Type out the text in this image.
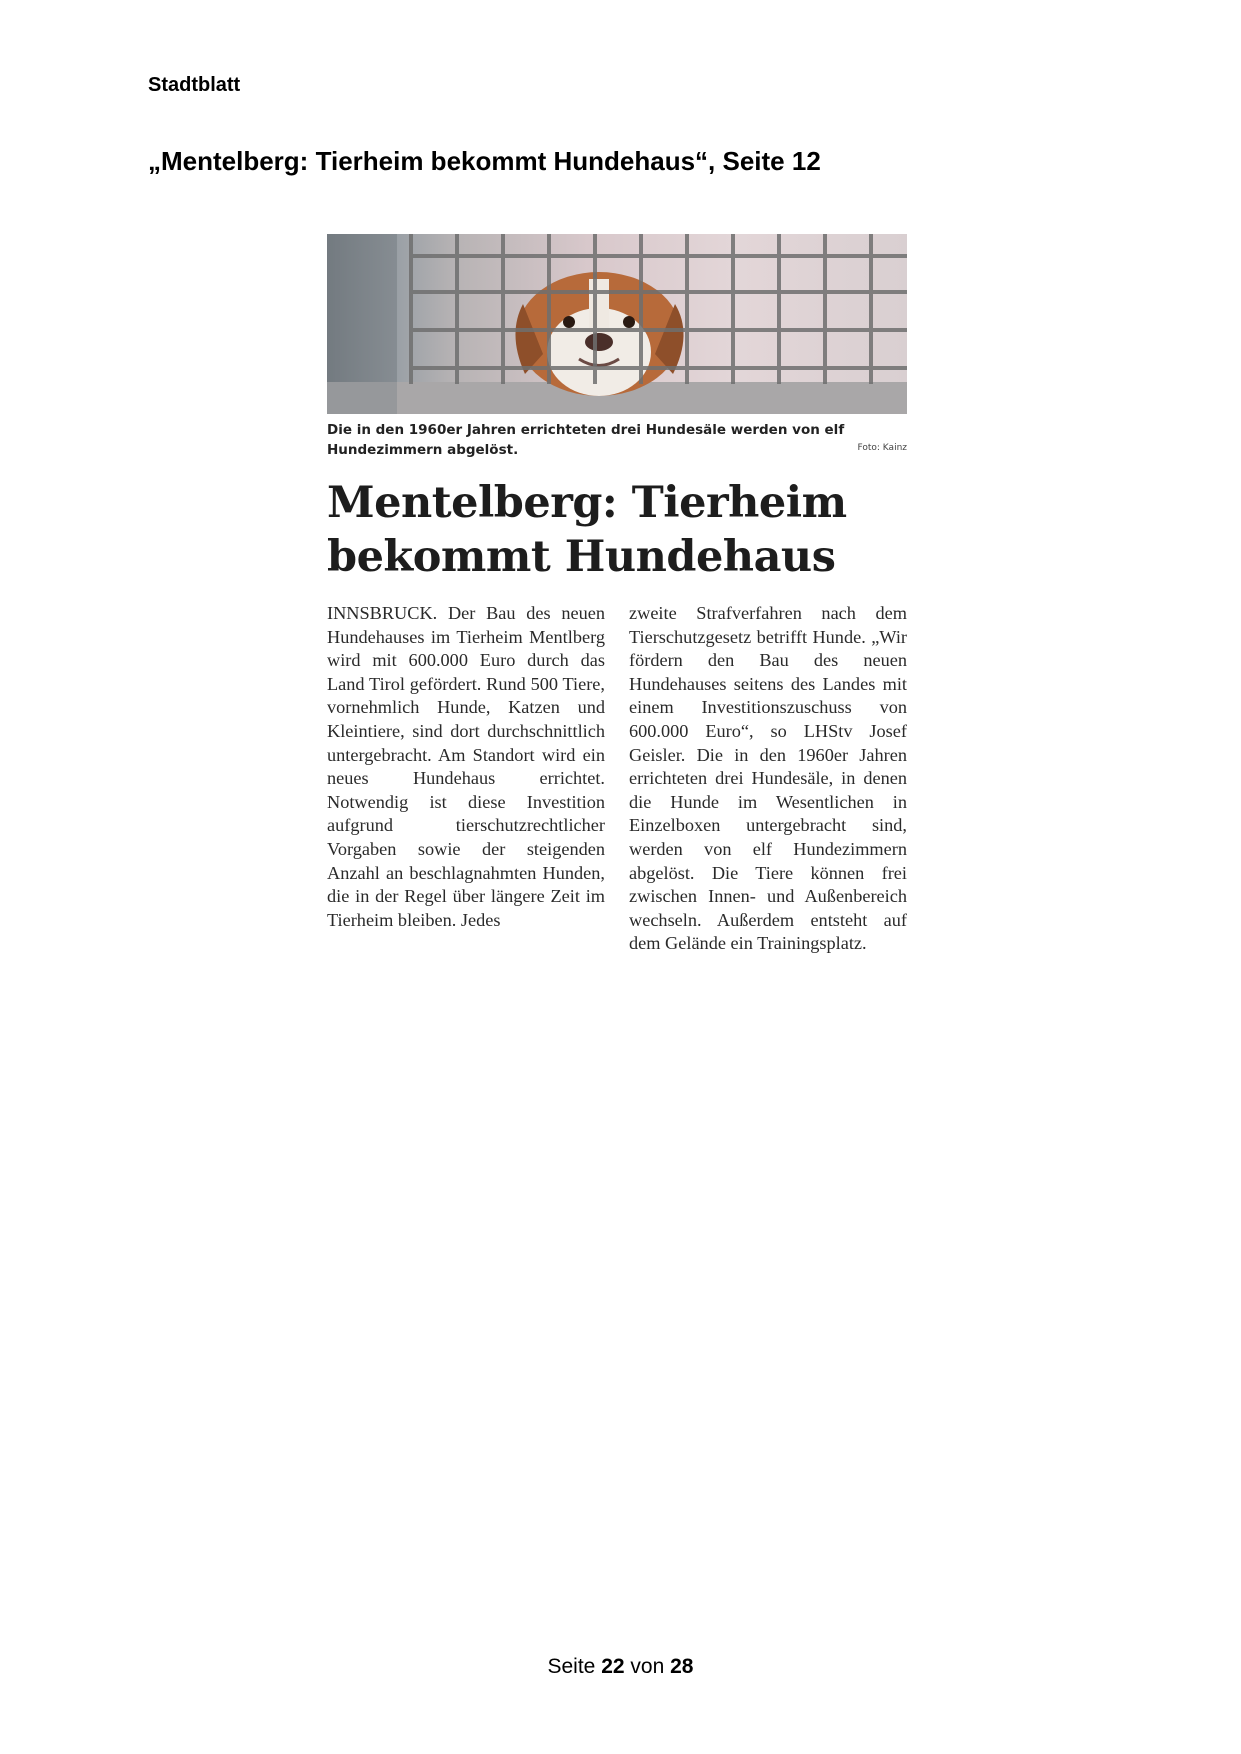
Stadtblatt
„Mentelberg: Tierheim bekommt Hundehaus“, Seite 12
Die in den 1960er Jahren errichteten drei Hundesäle werden von elf Hundezimmern abgelöst.	Foto: Kainz
Mentelberg: Tierheim bekommt Hundehaus
INNSBRUCK. Der Bau des neuen Hundehauses im Tierheim Mentlberg wird mit 600.000 Euro durch das Land Tirol gefördert. Rund 500 Tiere, vornehmlich Hunde, Katzen und Kleintiere, sind dort durchschnittlich untergebracht. Am Standort wird ein neues Hundehaus errichtet. Notwendig ist diese Investition aufgrund tierschutzrechtlicher Vorgaben sowie der steigenden Anzahl an beschlagnahmten Hunden, die in der Regel über längere Zeit im Tierheim bleiben. Jedes
zweite Strafverfahren nach dem Tierschutzgesetz betrifft Hunde. „Wir fördern den Bau des neuen Hundehauses seitens des Landes mit einem Investitionszuschuss von 600.000 Euro“, so LHStv Josef Geisler. Die in den 1960er Jahren errichteten drei Hundesäle, in denen die Hunde im Wesentlichen in Einzelboxen untergebracht sind, werden von elf Hundezimmern abgelöst. Die Tiere können frei zwischen Innen- und Außenbereich wechseln. Außerdem entsteht auf dem Gelände ein Trainingsplatz.
Seite 22 von 28
